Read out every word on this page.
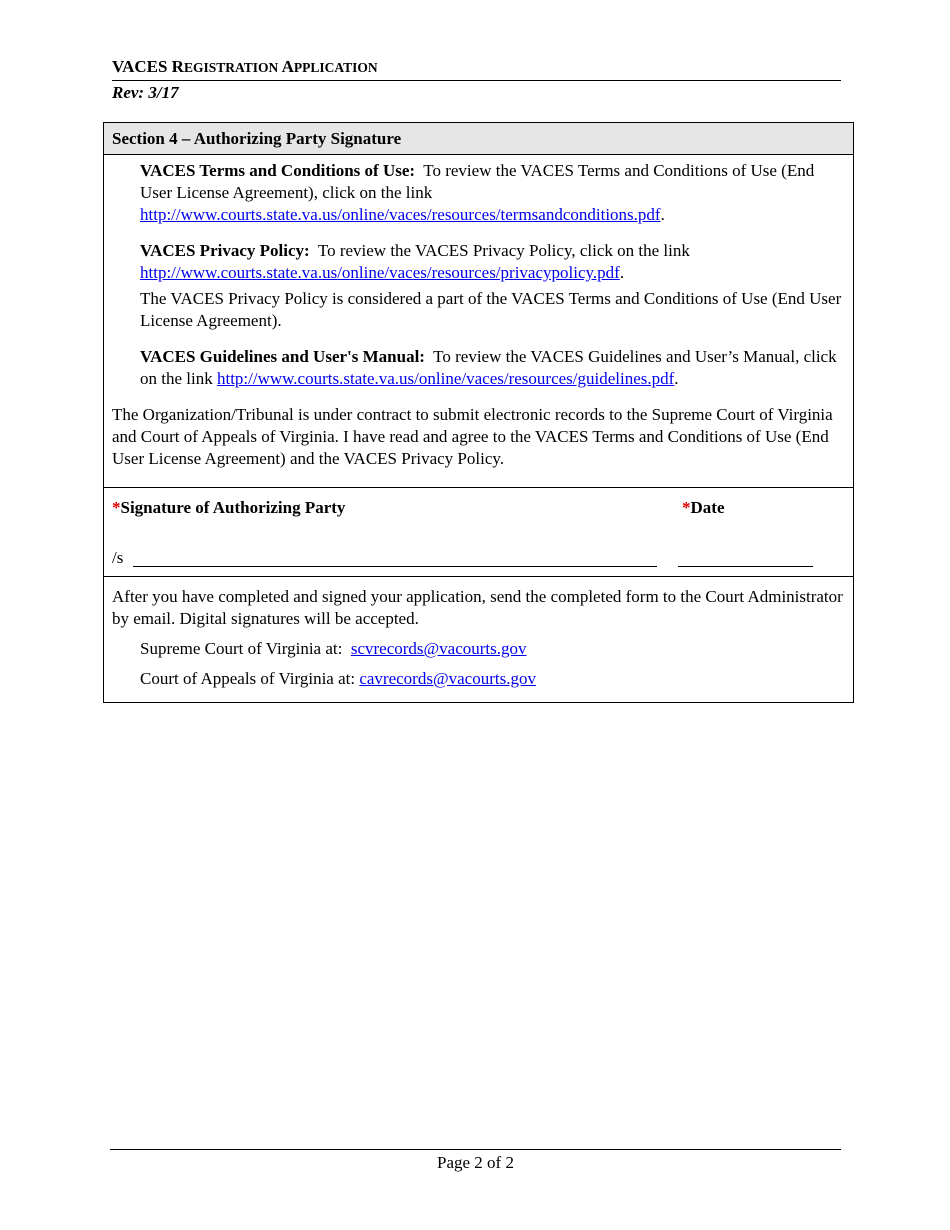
VACES REGISTRATION APPLICATION
Rev: 3/17
Section 4 – Authorizing Party Signature

VACES Terms and Conditions of Use: To review the VACES Terms and Conditions of Use (End User License Agreement), click on the link http://www.courts.state.va.us/online/vaces/resources/termsandconditions.pdf.

VACES Privacy Policy: To review the VACES Privacy Policy, click on the link http://www.courts.state.va.us/online/vaces/resources/privacypolicy.pdf.

The VACES Privacy Policy is considered a part of the VACES Terms and Conditions of Use (End User License Agreement).

VACES Guidelines and User's Manual: To review the VACES Guidelines and User’s Manual, click on the link http://www.courts.state.va.us/online/vaces/resources/guidelines.pdf.

The Organization/Tribunal is under contract to submit electronic records to the Supreme Court of Virginia and Court of Appeals of Virginia. I have read and agree to the VACES Terms and Conditions of Use (End User License Agreement) and the VACES Privacy Policy.

*Signature of Authorizing Party	*Date
/s

After you have completed and signed your application, send the completed form to the Court Administrator by email. Digital signatures will be accepted.

Supreme Court of Virginia at: scvrecords@vacourts.gov
Court of Appeals of Virginia at: cavrecords@vacourts.gov
Page 2 of 2
